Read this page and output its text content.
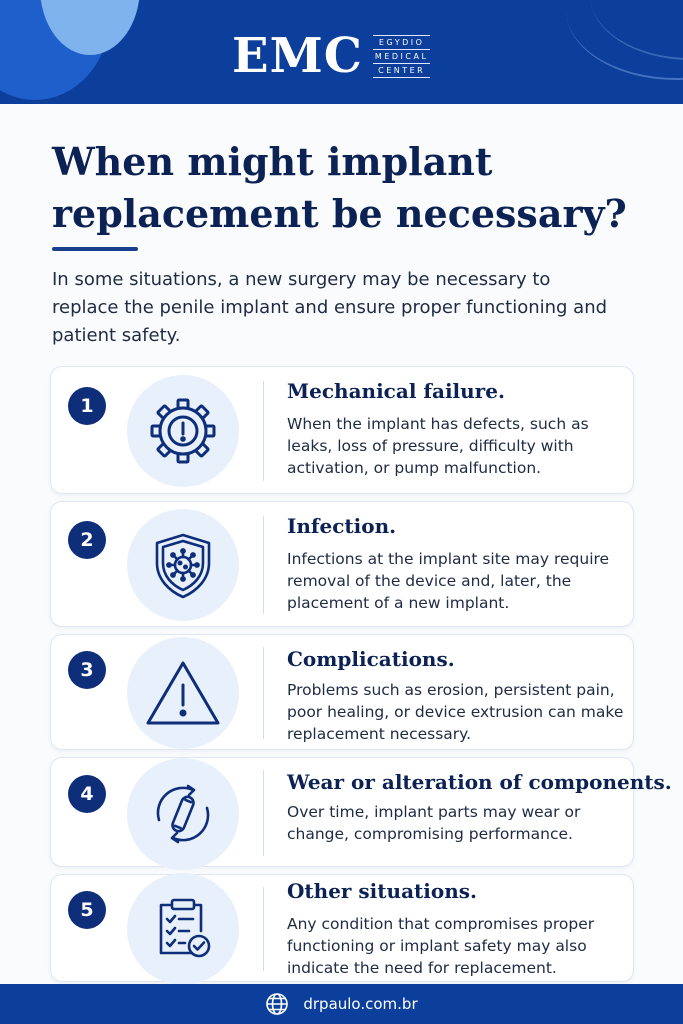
EMC	EGYDIO
MEDICAL
CENTER
When might implant replacement be necessary?

In some situations, a new surgery may be necessary to replace the penile implant and ensure proper functioning and patient safety.

1
Mechanical failure.
When the implant has defects, such as leaks, loss of pressure, difficulty with activation, or pump malfunction.
2
Infection.
Infections at the implant site may require removal of the device and, later, the placement of a new implant.
3	Complications.
Problems such as erosion, persistent pain, poor healing, or device extrusion can make replacement necessary.
4	Wear or alteration of components.
Over time, implant parts may wear or change, compromising performance.
5
Other situations.
Any condition that compromises proper functioning or implant safety may also indicate the need for replacement.
drpaulo.com.br
